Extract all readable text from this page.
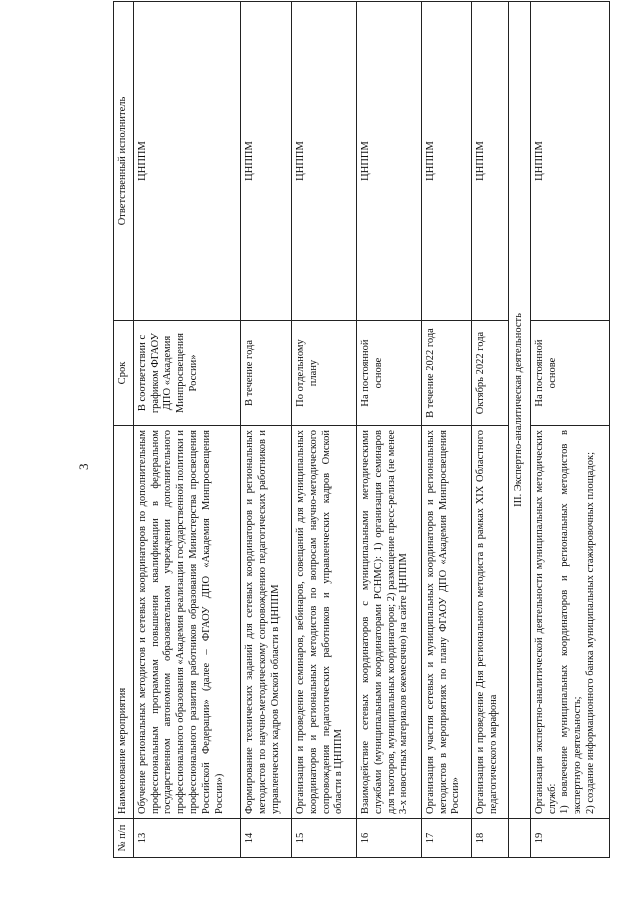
3
№ п/п	Наименование мероприятия	Срок	Ответственный исполнитель
13	Обучение региональных методистов и сетевых координаторов по дополнительным профессиональным программам повышения квалификации в федеральном государственном автономном образовательном учреждении дополнительного профессионального образования «Академия реализации государственной политики и профессионального развития работников образования Министерства просвещения Российской Федерации» (далее – ФГАОУ ДПО «Академия Минпросвещения России»)	В соответствии с графиком ФГАОУ ДПО «Академия Минпросвещения России»	ЦНППМ
14	Формирование технических заданий для сетевых координаторов и региональных методистов по научно-методическому сопровождению педагогических работников и управленческих кадров Омской области в ЦНППМ	В течение года	ЦНППМ
15	Организация и проведение семинаров, вебинаров, совещаний для муниципальных координаторов и региональных методистов по вопросам научно-методического сопровождения педагогических работников и управленческих кадров Омской области в ЦНППМ	По отдельному плану	ЦНППМ
16	Взаимодействие сетевых координаторов с муниципальными методическими службами (муниципальными координаторами РСНМС): 1) организация семинаров для тьюторов, муниципальных координаторов; 2) размещение пресс-релиза (не менее 3-х новостных материалов ежемесячно) на сайте ЦНППМ	На постоянной основе	ЦНППМ
17	Организация участия сетевых и муниципальных координаторов и региональных методистов в мероприятиях по плану ФГАОУ ДПО «Академия Минпросвещения России»	В течение 2022 года	ЦНППМ
18	Организация и проведение Дня регионального методиста в рамках XIX Областного педагогического марафона	Октябрь 2022 года	ЦНППМ
	III. Экспертно-аналитическая деятельность		
19	Организация экспертно-аналитической деятельности муниципальных методических служб: 1) вовлечение муниципальных координаторов и региональных методистов в экспертную деятельность; 2) создание информационного банка муниципальных стажировочных площадок;	На постоянной основе	ЦНППМ
